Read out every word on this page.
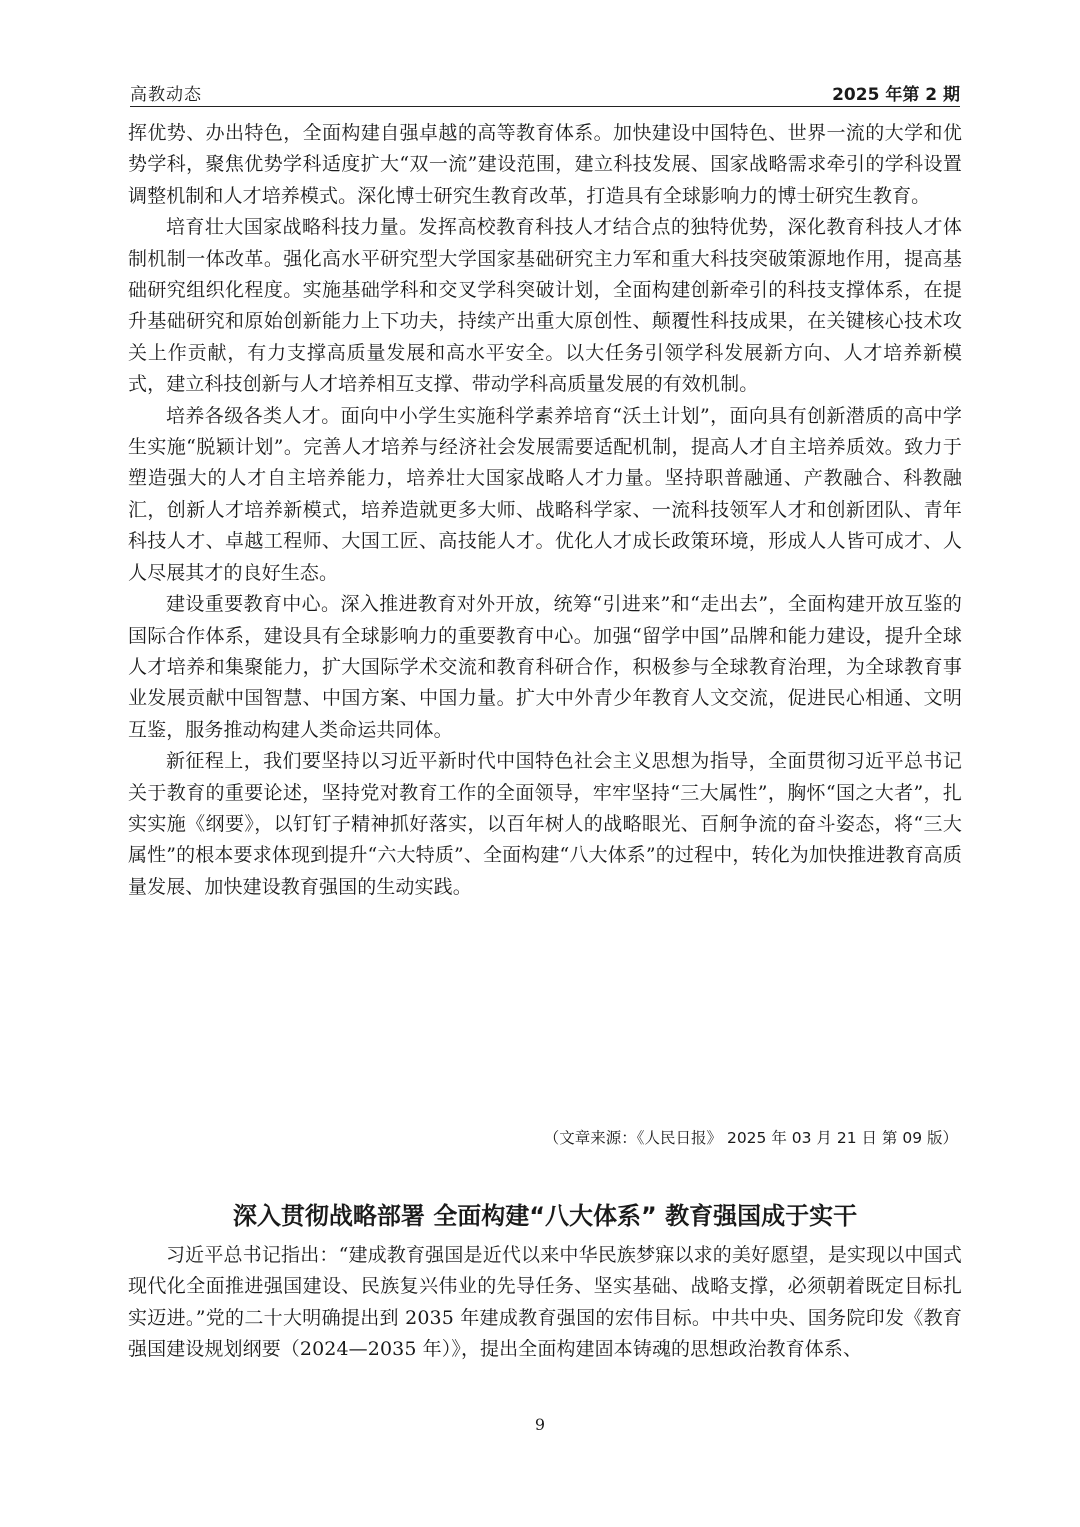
高教动态	2025 年第 2 期

挥优势、办出特色，全面构建自强卓越的高等教育体系。加快建设中国特色、世界一流的大学和优势学科，聚焦优势学科适度扩大“双一流”建设范围，建立科技发展、国家战略需求牵引的学科设置调整机制和人才培养模式。深化博士研究生教育改革，打造具有全球影响力的博士研究生教育。

培育壮大国家战略科技力量。发挥高校教育科技人才结合点的独特优势，深化教育科技人才体制机制一体改革。强化高水平研究型大学国家基础研究主力军和重大科技突破策源地作用，提高基础研究组织化程度。实施基础学科和交叉学科突破计划，全面构建创新牵引的科技支撑体系，在提升基础研究和原始创新能力上下功夫，持续产出重大原创性、颠覆性科技成果，在关键核心技术攻关上作贡献，有力支撑高质量发展和高水平安全。以大任务引领学科发展新方向、人才培养新模式，建立科技创新与人才培养相互支撑、带动学科高质量发展的有效机制。

培养各级各类人才。面向中小学生实施科学素养培育“沃土计划”，面向具有创新潜质的高中学生实施“脱颖计划”。完善人才培养与经济社会发展需要适配机制，提高人才自主培养质效。致力于塑造强大的人才自主培养能力，培养壮大国家战略人才力量。坚持职普融通、产教融合、科教融汇，创新人才培养新模式，培养造就更多大师、战略科学家、一流科技领军人才和创新团队、青年科技人才、卓越工程师、大国工匠、高技能人才。优化人才成长政策环境，形成人人皆可成才、人人尽展其才的良好生态。

建设重要教育中心。深入推进教育对外开放，统筹“引进来”和“走出去”，全面构建开放互鉴的国际合作体系，建设具有全球影响力的重要教育中心。加强“留学中国”品牌和能力建设，提升全球人才培养和集聚能力，扩大国际学术交流和教育科研合作，积极参与全球教育治理，为全球教育事业发展贡献中国智慧、中国方案、中国力量。扩大中外青少年教育人文交流，促进民心相通、文明互鉴，服务推动构建人类命运共同体。

新征程上，我们要坚持以习近平新时代中国特色社会主义思想为指导，全面贯彻习近平总书记关于教育的重要论述，坚持党对教育工作的全面领导，牢牢坚持“三大属性”，胸怀“国之大者”，扎实实施《纲要》，以钉钉子精神抓好落实，以百年树人的战略眼光、百舸争流的奋斗姿态，将“三大属性”的根本要求体现到提升“六大特质”、全面构建“八大体系”的过程中，转化为加快推进教育高质量发展、加快建设教育强国的生动实践。

（文章来源：《人民日报》 2025 年 03 月 21 日 第 09 版）
深入贯彻战略部署 全面构建“八大体系” 教育强国成于实干

习近平总书记指出：“建成教育强国是近代以来中华民族梦寐以求的美好愿望，是实现以中国式现代化全面推进强国建设、民族复兴伟业的先导任务、坚实基础、战略支撑，必须朝着既定目标扎实迈进。”党的二十大明确提出到 2035 年建成教育强国的宏伟目标。中共中央、国务院印发《教育强国建设规划纲要（2024—2035 年）》，提出全面构建固本铸魂的思想政治教育体系、

9
